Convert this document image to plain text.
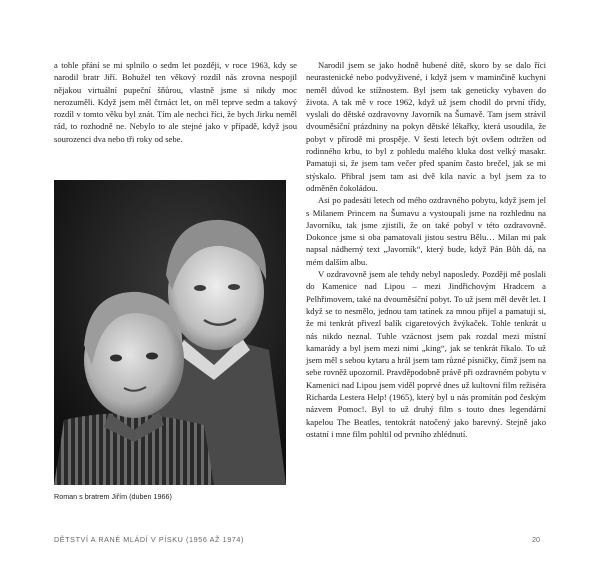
a tohle přání se mi splnilo o sedm let později, v roce 1963, kdy se narodil bratr Jiří. Bohužel ten věkový rozdíl nás zrovna nespojil nějakou virtuální pupeční šňůrou, vlastně jsme si nikdy moc nerozuměli. Když jsem měl čtrnáct let, on měl teprve sedm a takový rozdíl v tomto věku byl znát. Tím ale nechci říci, že bych Jirku neměl rád, to rozhodně ne. Nebylo to ale stejné jako v případě, když jsou sourozenci dva nebo tři roky od sebe.

Roman s bratrem Jiřím (duben 1966)

Narodil jsem se jako hodně hubené dítě, skoro by se dalo říci neurastenické nebo podvyživené, i když jsem v maminčině kuchyni neměl důvod ke stížnostem. Byl jsem tak geneticky vybaven do života. A tak mě v roce 1962, když už jsem chodil do první třídy, vyslali do dětské ozdravovny Javorník na Šumavě. Tam jsem strávil dvouměsíční prázdniny na pokyn dětské lékařky, která usoudila, že pobyt v přírodě mi prospěje. V šesti letech být ovšem odtržen od rodinného krbu, to byl z pohledu malého kluka dost velký masakr. Pamatuji si, že jsem tam večer před spaním často brečel, jak se mi stýskalo. Přibral jsem tam asi dvě kila navíc a byl jsem za to odměněn čokoládou.

Asi po padesáti letech od mého ozdravného pobytu, když jsem jel s Milanem Princem na Šumavu a vystoupali jsme na rozhlednu na Javorníku, tak jsme zjistili, že on také pobyl v této ozdravovně. Dokonce jsme si oba pamatovali jistou sestru Bělu… Milan mi pak napsal nádherný text „Javorník“, který bude, když Pán Bůh dá, na mém dalším albu.

V ozdravovně jsem ale tehdy nebyl naposledy. Později mě poslali do Kamenice nad Lipou – mezi Jindřichovým Hradcem a Pelhřimovem, také na dvouměsíční pobyt. To už jsem měl devět let. I když se to nesmělo, jednou tam tatínek za mnou přijel a pamatuji si, že mi tenkrát přivezl balík cigaretových žvýkaček. Tohle tenkrát u nás nikdo neznal. Tuhle vzácnost jsem pak rozdal mezi místní kamarády a byl jsem mezi nimi „king“, jak se tenkrát říkalo. To už jsem měl s sebou kytaru a hrál jsem tam různé písničky, čímž jsem na sebe rovněž upozornil. Pravděpodobně právě při ozdravném pobytu v Kamenici nad Lipou jsem viděl poprvé dnes už kultovní film režiséra Richarda Lestera Help! (1965), který byl u nás promítán pod českým názvem Pomoc!. Byl to už druhý film s touto dnes legendární kapelou The Beatles, tentokrát natočený jako barevný. Stejně jako ostatní i mne film pohltil od prvního zhlédnutí.

DĚTSTVÍ A RANÉ MLÁDÍ V PÍSKU (1956 AŽ 1974)	20
